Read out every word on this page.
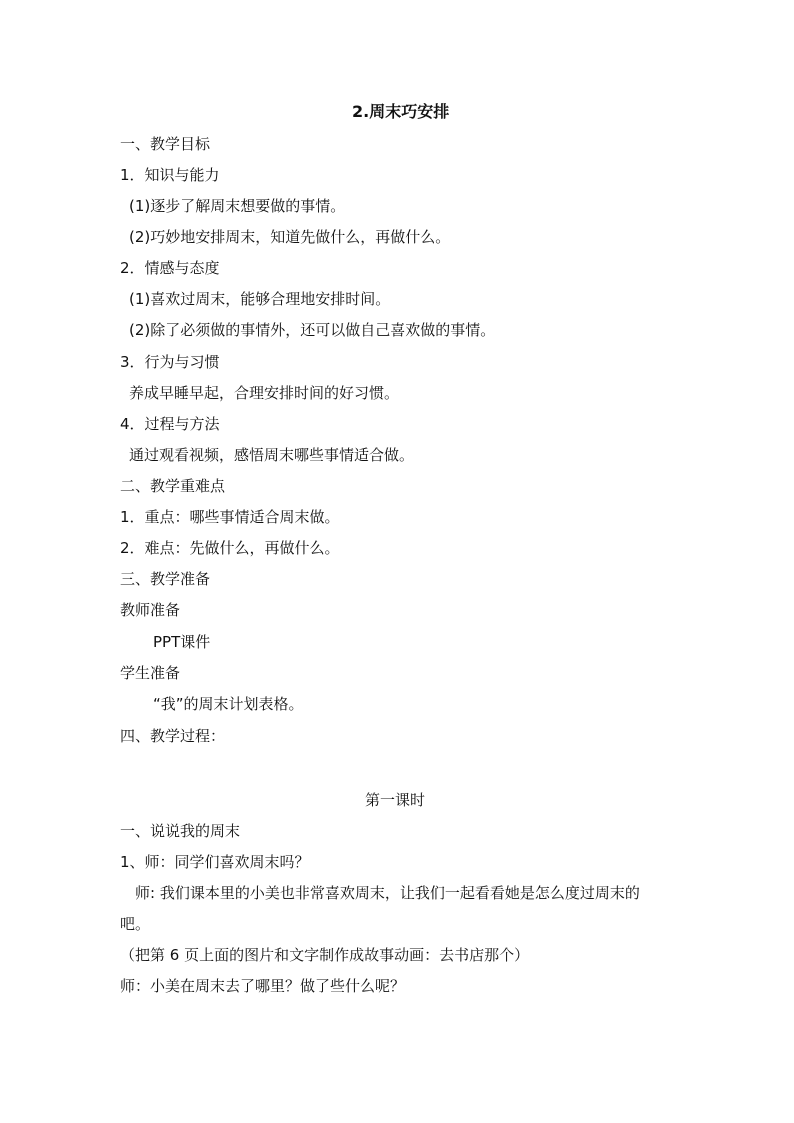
2.周末巧安排
一、教学目标
1．知识与能力
(1)逐步了解周末想要做的事情。
(2)巧妙地安排周末，知道先做什么，再做什么。
2．情感与态度
(1)喜欢过周末，能够合理地安排时间。
(2)除了必须做的事情外，还可以做自己喜欢做的事情。
3．行为与习惯
养成早睡早起，合理安排时间的好习惯。
4．过程与方法
通过观看视频，感悟周末哪些事情适合做。
二、教学重难点
1．重点：哪些事情适合周末做。
2．难点：先做什么，再做什么。
三、教学准备
教师准备
PPT课件
学生准备
“我”的周末计划表格。
四、教学过程：
第一课时
一、说说我的周末
1、师：同学们喜欢周末吗？
师: 我们课本里的小美也非常喜欢周末，让我们一起看看她是怎么度过周末的
吧。
（把第 6 页上面的图片和文字制作成故事动画：去书店那个）
师：小美在周末去了哪里？做了些什么呢？
